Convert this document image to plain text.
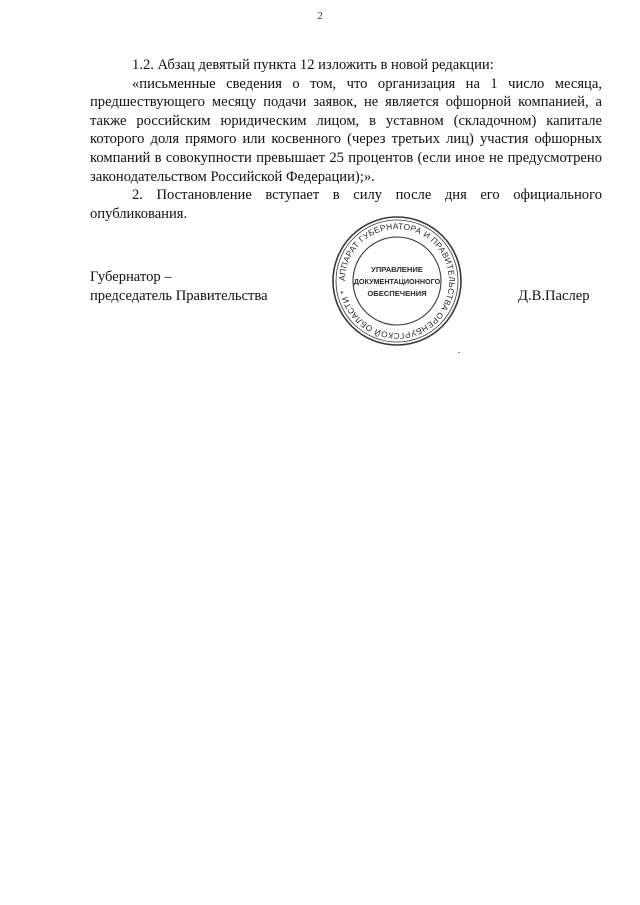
2

1.2. Абзац девятый пункта 12 изложить в новой редакции:

«письменные сведения о том, что организация на 1 число месяца, предшествующего месяцу подачи заявок, не является офшорной компанией, а также российским юридическим лицом, в уставном (складочном) капитале которого доля прямого или косвенного (через третьих лиц) участия офшорных компаний в совокупности превышает 25 процентов (если иное не предусмотрено законодательством Российской Федерации);».

2. Постановление вступает в силу после дня его официального опубликования.

Губернатор –
председатель Правительства	Д.В.Паслер
АППАРАТ ГУБЕРНАТОРА И ПРАВИТЕЛЬСТВА ОРЕНБУРГСКОЙ ОБЛАСТИ *
УПРАВЛЕНИЕ
ДОКУМЕНТАЦИОННОГО
ОБЕСПЕЧЕНИЯ
